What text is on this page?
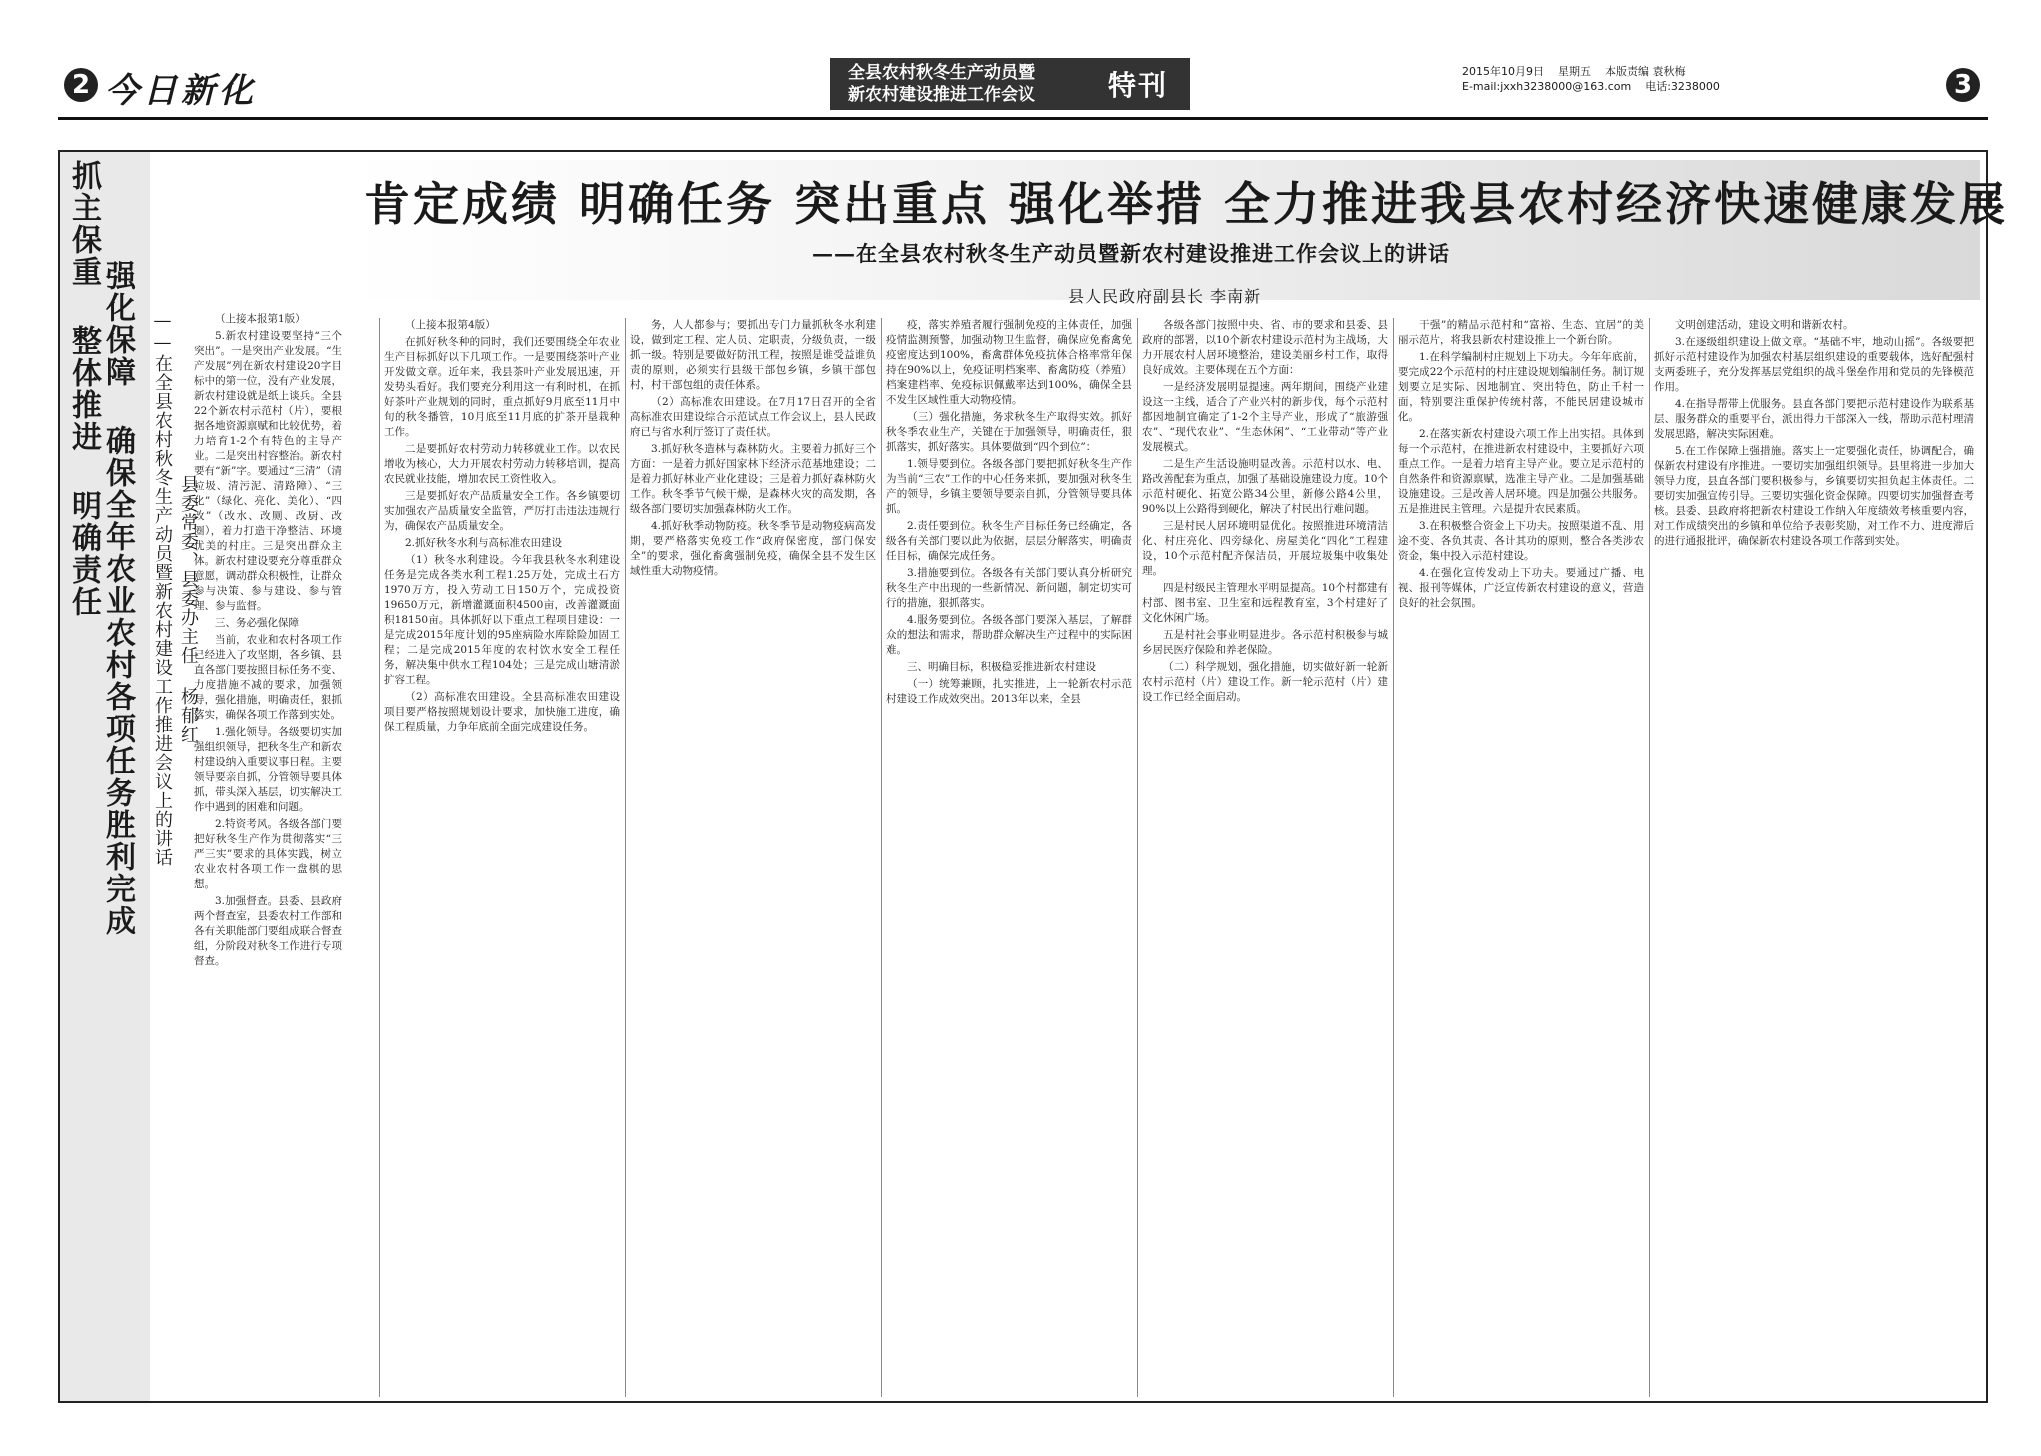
2 今日新化	全县农村秋冬生产动员暨
新农村建设推进工作会议	特刊	2015年10月9日 星期五 本版责编 袁秋梅
E-mail:jxxh3238000@163.com 电话:3238000	3
抓主保重 整体推进 明确责任 强化保障 确保全年农业农村各项任务胜利完成 ——在全县农村秋冬生产动员暨新农村建设工作推进会议上的讲话 县委常委、县委办主任 杨郁红
肯定成绩 明确任务 突出重点 强化举措 全力推进我县农村经济快速健康发展
——在全县农村秋冬生产动员暨新农村建设推进工作会议上的讲话
县人民政府副县长 李南新

（上接本报第1版）

5.新农村建设要坚持“三个突出”。一是突出产业发展。“生产发展”列在新农村建设20字目标中的第一位，没有产业发展，新农村建设就是纸上谈兵。全县22个新农村示范村（片），要根据各地资源禀赋和比较优势，着力培育1-2个有特色的主导产业。二是突出村容整治。新农村要有“新”字。要通过“三清”（清垃圾、清污泥、清路障）、“三化”（绿化、亮化、美化）、“四改”（改水、改厕、改厨、改圈），着力打造干净整洁、环境优美的村庄。三是突出群众主体。新农村建设要充分尊重群众意愿，调动群众积极性，让群众参与决策、参与建设、参与管理、参与监督。

三、务必强化保障

当前，农业和农村各项工作已经进入了攻坚期，各乡镇、县直各部门要按照目标任务不变、力度措施不减的要求，加强领导，强化措施，明确责任，狠抓落实，确保各项工作落到实处。

1.强化领导。各级要切实加强组织领导，把秋冬生产和新农村建设纳入重要议事日程。主要领导要亲自抓，分管领导要具体抓，带头深入基层，切实解决工作中遇到的困难和问题。

2.特资考风。各级各部门要把好秋冬生产作为贯彻落实“三严三实”要求的具体实践，树立农业农村各项工作一盘棋的思想。

3.加强督查。县委、县政府两个督查室，县委农村工作部和各有关职能部门要组成联合督查组，分阶段对秋冬工作进行专项督查。

（上接本报第4版）

在抓好秋冬种的同时，我们还要围绕全年农业生产目标抓好以下几项工作。一是要围绕茶叶产业开发做文章。近年来，我县茶叶产业发展迅速，开发势头看好。我们要充分利用这一有利时机，在抓好茶叶产业规划的同时，重点抓好9月底至11月中旬的秋冬播管，10月底至11月底的扩茶开垦栽种工作。

二是要抓好农村劳动力转移就业工作。以农民增收为核心，大力开展农村劳动力转移培训，提高农民就业技能，增加农民工资性收入。

三是要抓好农产品质量安全工作。各乡镇要切实加强农产品质量安全监管，严厉打击违法违规行为，确保农产品质量安全。

2.抓好秋冬水利与高标准农田建设

（1）秋冬水利建设。今年我县秋冬水利建设任务是完成各类水利工程1.25万处，完成土石方1970万方，投入劳动工日150万个，完成投资19650万元，新增灌溉面积4500亩，改善灌溉面积18150亩。具体抓好以下重点工程项目建设：一是完成2015年度计划的95座病险水库除险加固工程；二是完成2015年度的农村饮水安全工程任务，解决集中供水工程104处；三是完成山塘清淤扩容工程。

（2）高标准农田建设。全县高标准农田建设项目要严格按照规划设计要求，加快施工进度，确保工程质量，力争年底前全面完成建设任务。

务，人人都参与；要抓出专门力量抓秋冬水利建设，做到定工程、定人员、定职责，分级负责，一级抓一级。特别是要做好防汛工程，按照是谁受益谁负责的原则，必须实行县级干部包乡镇，乡镇干部包村，村干部包组的责任体系。

（2）高标准农田建设。在7月17日召开的全省高标准农田建设综合示范试点工作会议上，县人民政府已与省水利厅签订了责任状。

3.抓好秋冬造林与森林防火。主要着力抓好三个方面：一是着力抓好国家林下经济示范基地建设；二是着力抓好林业产业化建设；三是着力抓好森林防火工作。秋冬季节气候干燥，是森林火灾的高发期，各级各部门要切实加强森林防火工作。

4.抓好秋季动物防疫。秋冬季节是动物疫病高发期，要严格落实免疫工作“政府保密度，部门保安全”的要求，强化畜禽强制免疫，确保全县不发生区域性重大动物疫情。

疫，落实养殖者履行强制免疫的主体责任，加强疫情监测预警，加强动物卫生监督，确保应免畜禽免疫密度达到100%，畜禽群体免疫抗体合格率常年保持在90%以上，免疫证明档案率、畜禽防疫（养殖）档案建档率、免疫标识佩戴率达到100%，确保全县不发生区域性重大动物疫情。

（三）强化措施，务求秋冬生产取得实效。抓好秋冬季农业生产，关键在于加强领导，明确责任，狠抓落实，抓好落实。具体要做到“四个到位”：

1.领导要到位。各级各部门要把抓好秋冬生产作为当前“三农”工作的中心任务来抓，要加强对秋冬生产的领导，乡镇主要领导要亲自抓，分管领导要具体抓。

2.责任要到位。秋冬生产目标任务已经确定，各级各有关部门要以此为依据，层层分解落实，明确责任目标，确保完成任务。

3.措施要到位。各级各有关部门要认真分析研究秋冬生产中出现的一些新情况、新问题，制定切实可行的措施，狠抓落实。

4.服务要到位。各级各部门要深入基层，了解群众的想法和需求，帮助群众解决生产过程中的实际困难。

三、明确目标，积极稳妥推进新农村建设

（一）统筹兼顾，扎实推进，上一轮新农村示范村建设工作成效突出。2013年以来，全县

各级各部门按照中央、省、市的要求和县委、县政府的部署，以10个新农村建设示范村为主战场，大力开展农村人居环境整治，建设美丽乡村工作，取得良好成效。主要体现在五个方面：

一是经济发展明显提速。两年期间，围绕产业建设这一主线，适合了产业兴村的新步伐，每个示范村都因地制宜确定了1-2个主导产业，形成了“旅游强农”、“现代农业”、“生态休闲”、“工业带动”等产业发展模式。

二是生产生活设施明显改善。示范村以水、电、路改善配套为重点，加强了基础设施建设力度。10个示范村硬化、拓宽公路34公里，新修公路4公里，90%以上公路得到硬化，解决了村民出行难问题。

三是村民人居环境明显优化。按照推进环境清洁化、村庄亮化、四旁绿化、房屋美化“四化”工程建设，10个示范村配齐保洁员，开展垃圾集中收集处理。

四是村级民主管理水平明显提高。10个村都建有村部、图书室、卫生室和远程教育室，3个村建好了文化休闲广场。

五是村社会事业明显进步。各示范村积极参与城乡居民医疗保险和养老保险。

（二）科学规划，强化措施，切实做好新一轮新农村示范村（片）建设工作。新一轮示范村（片）建设工作已经全面启动。

干强”的精品示范村和“富裕、生态、宜居”的美丽示范片，将我县新农村建设推上一个新台阶。

1.在科学编制村庄规划上下功夫。今年年底前，要完成22个示范村的村庄建设规划编制任务。制订规划要立足实际、因地制宜、突出特色，防止千村一面，特别要注重保护传统村落，不能民居建设城市化。

2.在落实新农村建设六项工作上出实招。具体到每一个示范村，在推进新农村建设中，主要抓好六项重点工作。一是着力培育主导产业。要立足示范村的自然条件和资源禀赋，选准主导产业。二是加强基础设施建设。三是改善人居环境。四是加强公共服务。五是推进民主管理。六是提升农民素质。

3.在积极整合资金上下功夫。按照渠道不乱、用途不变、各负其责、各计其功的原则，整合各类涉农资金，集中投入示范村建设。

4.在强化宣传发动上下功夫。要通过广播、电视、报刊等媒体，广泛宣传新农村建设的意义，营造良好的社会氛围。

文明创建活动，建设文明和谐新农村。

3.在逐级组织建设上做文章。“基础不牢，地动山摇”。各级要把抓好示范村建设作为加强农村基层组织建设的重要载体，选好配强村支两委班子，充分发挥基层党组织的战斗堡垒作用和党员的先锋模范作用。

4.在指导帮带上优服务。县直各部门要把示范村建设作为联系基层、服务群众的重要平台，派出得力干部深入一线，帮助示范村理清发展思路，解决实际困难。

5.在工作保障上强措施。落实上一定要强化责任，协调配合，确保新农村建设有序推进。一要切实加强组织领导。县里将进一步加大领导力度，县直各部门要积极参与，乡镇要切实担负起主体责任。二要切实加强宣传引导。三要切实强化资金保障。四要切实加强督查考核。县委、县政府将把新农村建设工作纳入年度绩效考核重要内容，对工作成绩突出的乡镇和单位给予表彰奖励，对工作不力、进度滞后的进行通报批评，确保新农村建设各项工作落到实处。
